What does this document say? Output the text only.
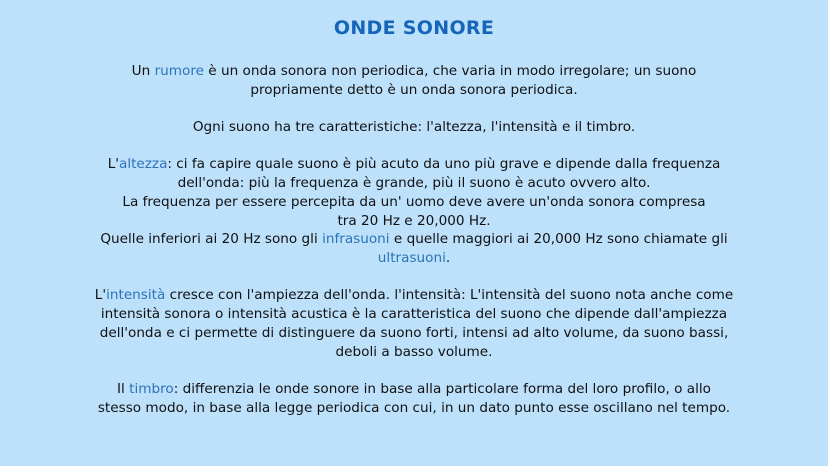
ONDE SONORE

Un rumore è un onda sonora non periodica, che varia in modo irregolare; un suono
propriamente detto è un onda sonora periodica.

Ogni suono ha tre caratteristiche: l'altezza, l'intensità e il timbro.

L'altezza: ci fa capire quale suono è più acuto da uno più grave e dipende dalla frequenza
dell'onda: più la frequenza è grande, più il suono è acuto ovvero alto.
La frequenza per essere percepita da un' uomo deve avere un'onda sonora compresa
tra 20 Hz e 20,000 Hz.
Quelle inferiori ai 20 Hz sono gli infrasuoni e quelle maggiori ai 20,000 Hz sono chiamate gli
ultrasuoni.

L'intensità cresce con l'ampiezza dell'onda. l'intensità: L'intensità del suono nota anche come
intensità sonora o intensità acustica è la caratteristica del suono che dipende dall'ampiezza
dell'onda e ci permette di distinguere da suono forti, intensi ad alto volume, da suono bassi,
deboli a basso volume.

Il timbro: differenzia le onde sonore in base alla particolare forma del loro profilo, o allo
stesso modo, in base alla legge periodica con cui, in un dato punto esse oscillano nel tempo.
